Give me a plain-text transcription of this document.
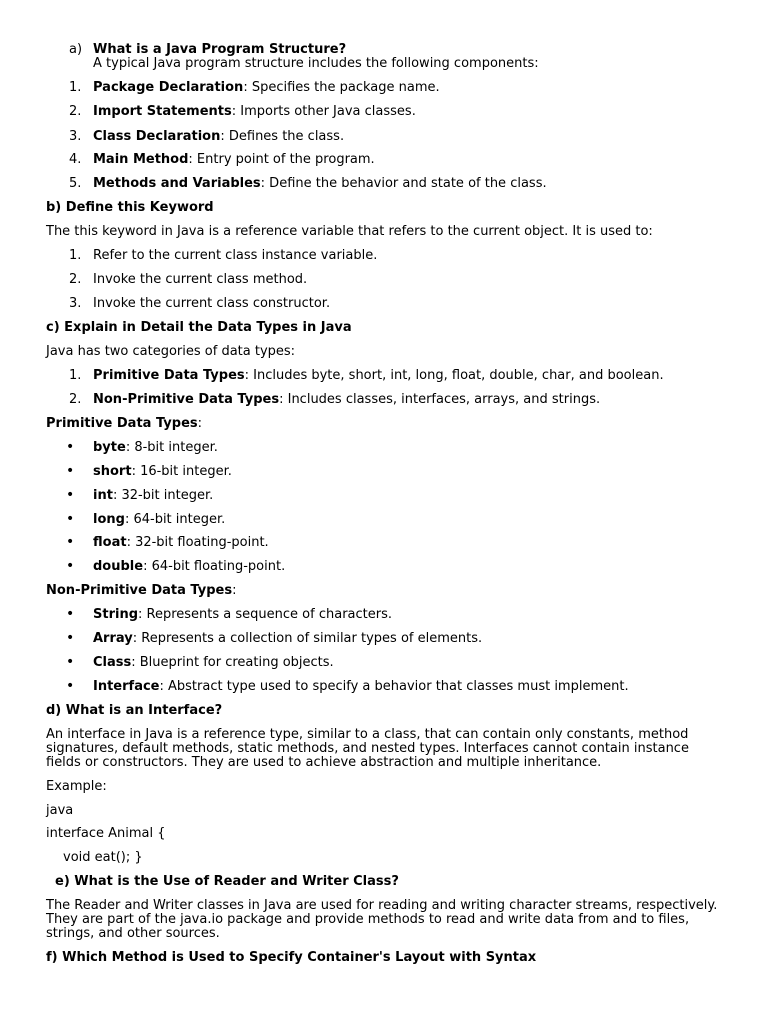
a) What is a Java Program Structure?
A typical Java program structure includes the following components:
1. Package Declaration: Specifies the package name.
2. Import Statements: Imports other Java classes.
3. Class Declaration: Defines the class.
4. Main Method: Entry point of the program.
5. Methods and Variables: Define the behavior and state of the class.
b) Define this Keyword
The this keyword in Java is a reference variable that refers to the current object. It is used to:
1. Refer to the current class instance variable.
2. Invoke the current class method.
3. Invoke the current class constructor.
c) Explain in Detail the Data Types in Java
Java has two categories of data types:
1. Primitive Data Types: Includes byte, short, int, long, float, double, char, and boolean.
2. Non-Primitive Data Types: Includes classes, interfaces, arrays, and strings.
Primitive Data Types:
• byte: 8-bit integer.
• short: 16-bit integer.
• int: 32-bit integer.
• long: 64-bit integer.
• float: 32-bit floating-point.
• double: 64-bit floating-point.
Non-Primitive Data Types:
• String: Represents a sequence of characters.
• Array: Represents a collection of similar types of elements.
• Class: Blueprint for creating objects.
• Interface: Abstract type used to specify a behavior that classes must implement.
d) What is an Interface?
An interface in Java is a reference type, similar to a class, that can contain only constants, method
signatures, default methods, static methods, and nested types. Interfaces cannot contain instance
fields or constructors. They are used to achieve abstraction and multiple inheritance.
Example:
java
interface Animal {
void eat(); }
e) What is the Use of Reader and Writer Class?
The Reader and Writer classes in Java are used for reading and writing character streams, respectively.
They are part of the java.io package and provide methods to read and write data from and to files,
strings, and other sources.
f) Which Method is Used to Specify Container's Layout with Syntax
